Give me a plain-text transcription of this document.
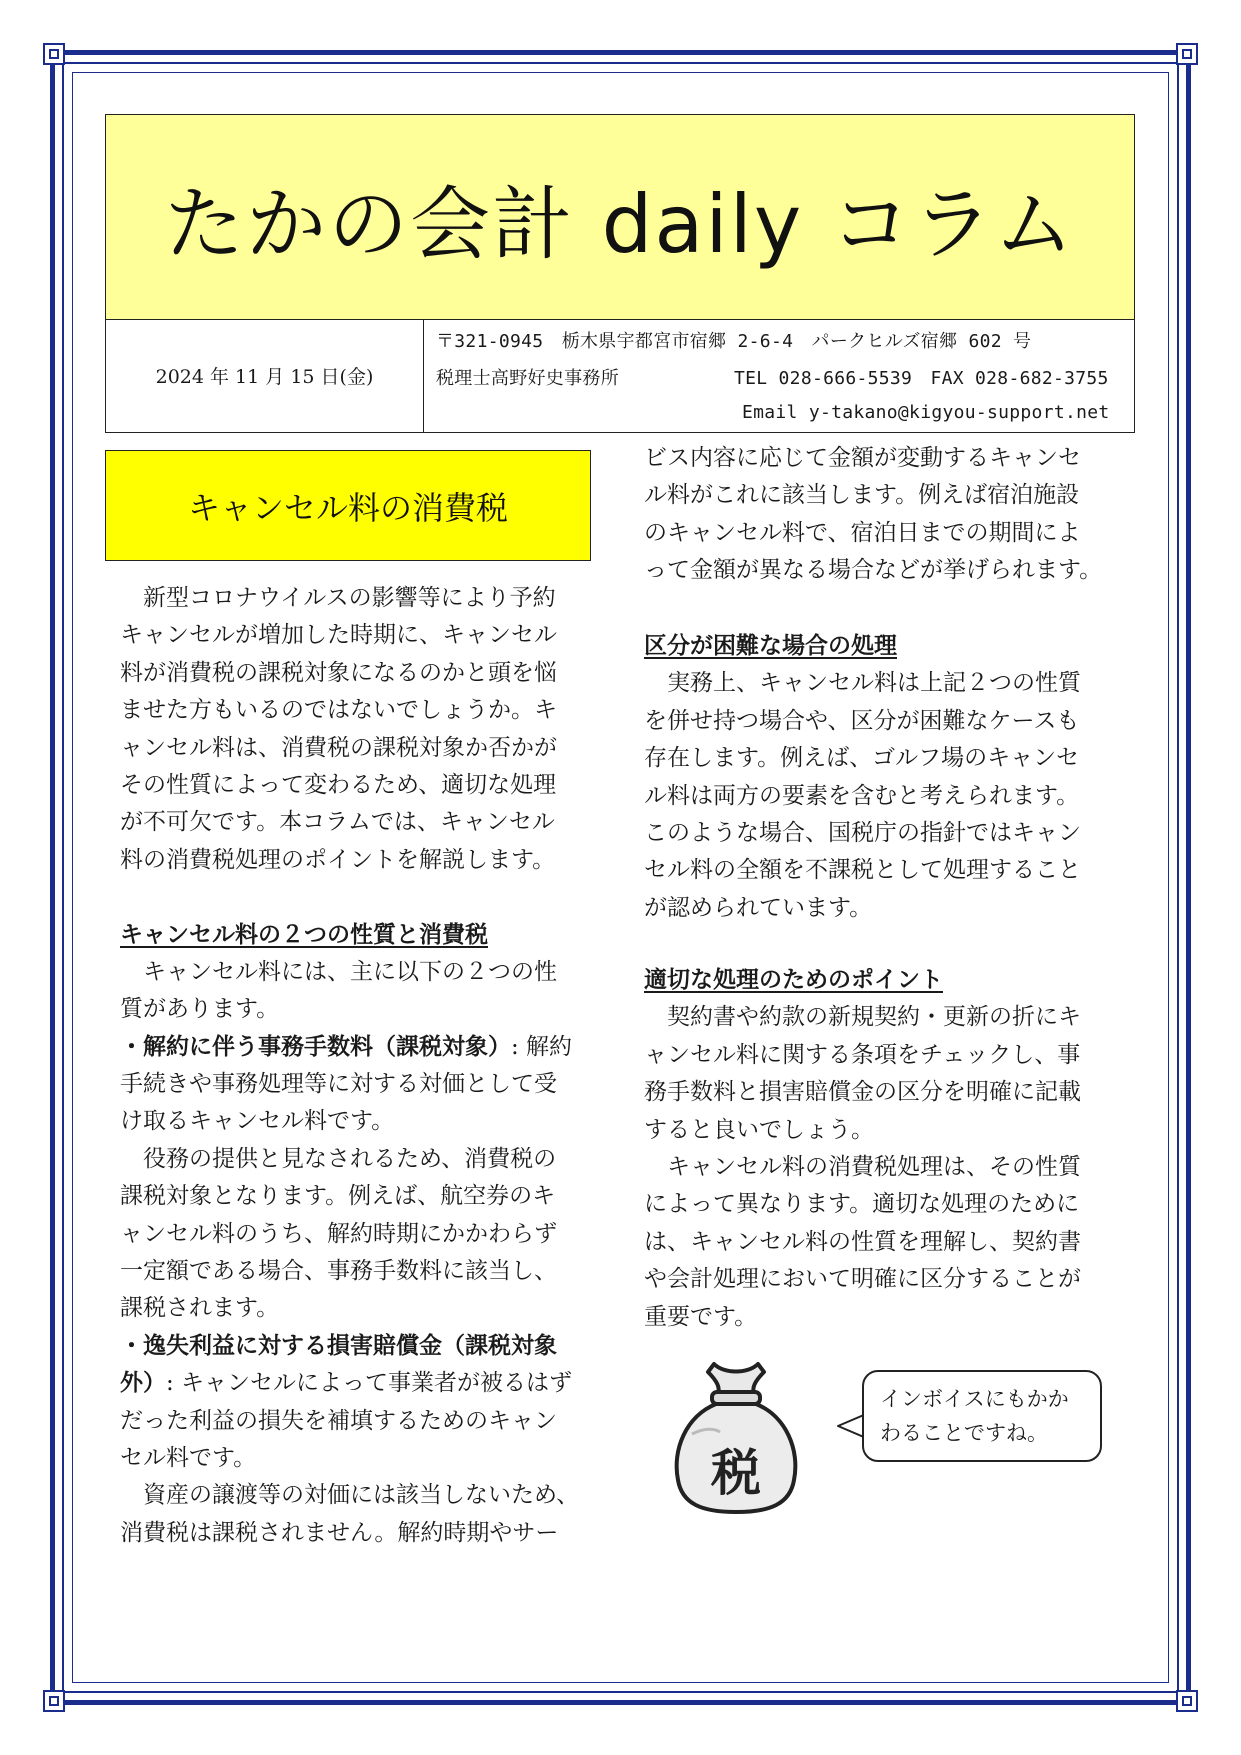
たかの会計 daily コラム
2024 年 11 月 15 日(金)
〒321-0945　栃木県宇都宮市宿郷 2-6-4　パークヒルズ宿郷 602 号
税理士高野好史事務所	TEL 028-666-5539　FAX 028-682-3755
Email y-takano@kigyou-support.net
キャンセル料の消費税
　新型コロナウイルスの影響等により予約
キャンセルが増加した時期に、キャンセル
料が消費税の課税対象になるのかと頭を悩
ませた方もいるのではないでしょうか。キ
ャンセル料は、消費税の課税対象か否かが
その性質によって変わるため、適切な処理
が不可欠です。本コラムでは、キャンセル
料の消費税処理のポイントを解説します。
キャンセル料の２つの性質と消費税
　キャンセル料には、主に以下の２つの性
質があります。
・解約に伴う事務手数料（課税対象）: 解約
手続きや事務処理等に対する対価として受
け取るキャンセル料です。
　役務の提供と見なされるため、消費税の
課税対象となります。例えば、航空券のキ
ャンセル料のうち、解約時期にかかわらず
一定額である場合、事務手数料に該当し、
課税されます。
・逸失利益に対する損害賠償金（課税対象
外）: キャンセルによって事業者が被るはず
だった利益の損失を補填するためのキャン
セル料です。
　資産の譲渡等の対価には該当しないため、
消費税は課税されません。解約時期やサー
ビス内容に応じて金額が変動するキャンセ
ル料がこれに該当します。例えば宿泊施設
のキャンセル料で、宿泊日までの期間によ
って金額が異なる場合などが挙げられます。
区分が困難な場合の処理
　実務上、キャンセル料は上記２つの性質
を併せ持つ場合や、区分が困難なケースも
存在します。例えば、ゴルフ場のキャンセ
ル料は両方の要素を含むと考えられます。
このような場合、国税庁の指針ではキャン
セル料の全額を不課税として処理すること
が認められています。
適切な処理のためのポイント
　契約書や約款の新規契約・更新の折にキ
ャンセル料に関する条項をチェックし、事
務手数料と損害賠償金の区分を明確に記載
すると良いでしょう。
　キャンセル料の消費税処理は、その性質
によって異なります。適切な処理のために
は、キャンセル料の性質を理解し、契約書
や会計処理において明確に区分することが
重要です。
税
インボイスにもかか
わることですね。
